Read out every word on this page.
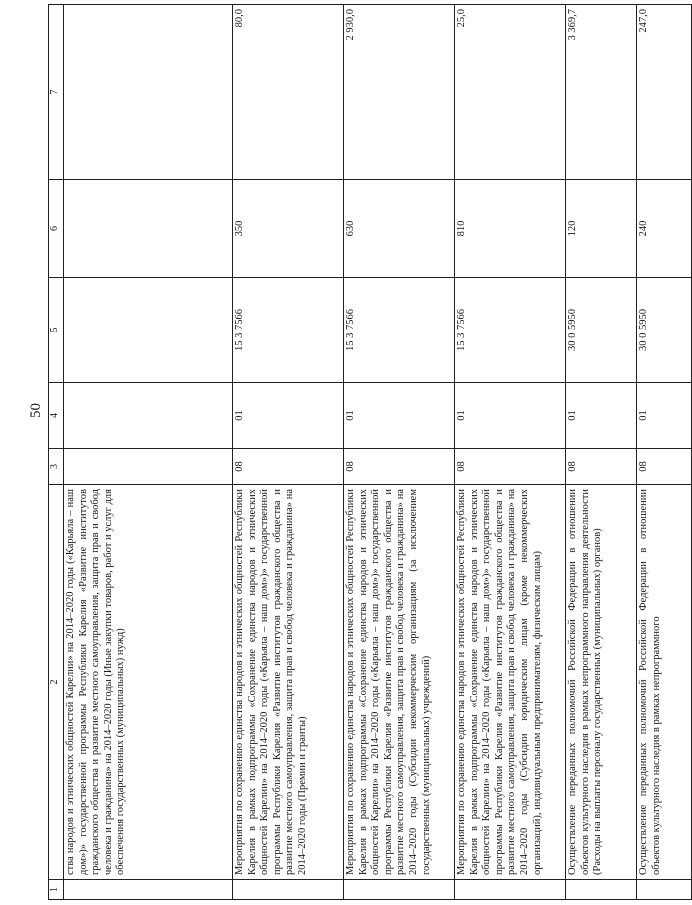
50
1	2	3	4	5	6	7
	ства народов и этнических общностей Карелии» на 2014–2020 годы («Карьяла – наш дом»)» государственной программы Республики Карелия «Развитие институтов гражданского общества и развитие местного самоуправления, защита прав и свобод человека и гражданина» на 2014–2020 годы (Иные закупки товаров, работ и услуг для обеспечения государственных (муниципальных) нужд)					
	Мероприятия по сохранению единства народов и этнических общностей Республики Карелия в рамках подпрограммы «Сохранение единства народов и этнических общностей Карелии» на 2014–2020 годы («Карьяла – наш дом»)» государственной программы Республики Карелия «Развитие институтов гражданского общества и развитие местного самоуправления, защита прав и свобод человека и гражданина» на 2014–2020 годы (Премии и гранты)	08	01	15 3 7566	350	80,0
	Мероприятия по сохранению единства народов и этнических общностей Республики Карелия в рамках подпрограммы «Сохранение единства народов и этнических общностей Карелии» на 2014–2020 годы («Карьяла – наш дом»)» государственной программы Республики Карелия «Развитие институтов гражданского общества и развитие местного самоуправления, защита прав и свобод человека и гражданина» на 2014–2020 годы (Субсидии некоммерческим организациям (за исключением государственных (муниципальных) учреждений)	08	01	15 3 7566	630	2 930,0
	Мероприятия по сохранению единства народов и этнических общностей Республики Карелия в рамках подпрограммы «Сохранение единства народов и этнических общностей Карелии» на 2014–2020 годы («Карьяла – наш дом»)» государственной программы Республики Карелия «Развитие институтов гражданского общества и развитие местного самоуправления, защита прав и свобод человека и гражданина» на 2014–2020 годы (Субсидии юридическим лицам (кроме некоммерческих организаций), индивидуальным предпринимателям, физическим лицам)	08	01	15 3 7566	810	25,0
	Осуществление переданных полномочий Российской Федерации в отношении объектов культурного наследия в рамках непрограммного направления деятельности (Расходы на выплаты персоналу государственных (муниципальных) органов)	08	01	30 0 5950	120	3 369,7
	Осуществление переданных полномочий Российской Федерации в отношении объектов культурного наследия в рамках непрограммного	08	01	30 0 5950	240	247,0
